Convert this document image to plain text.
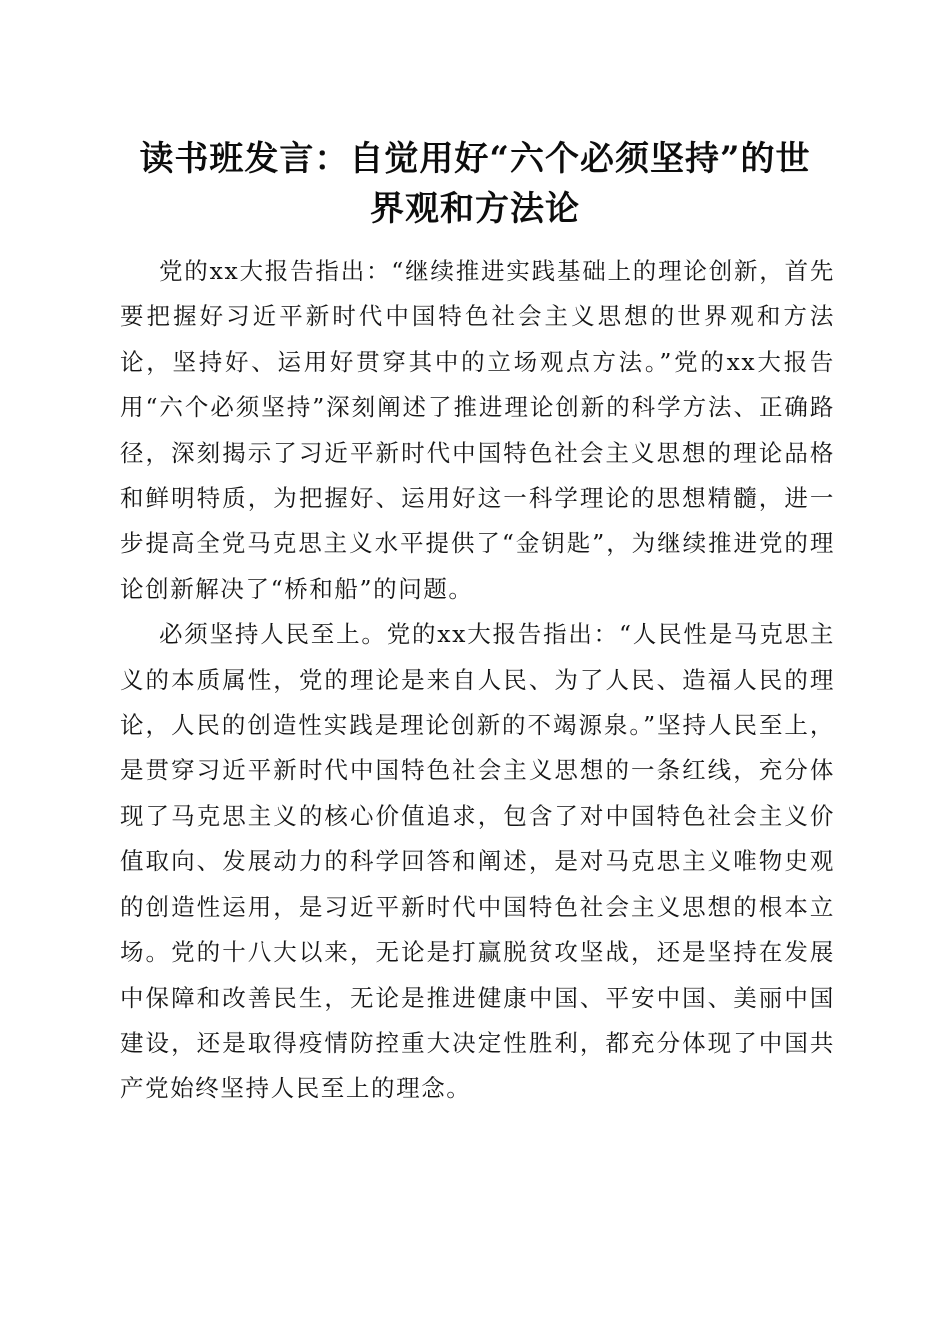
读书班发言：自觉用好“六个必须坚持”的世
界观和方法论

党的xx大报告指出：“继续推进实践基础上的理论创新，首先要把握好习近平新时代中国特色社会主义思想的世界观和方法论，坚持好、运用好贯穿其中的立场观点方法。”党的xx大报告用“六个必须坚持”深刻阐述了推进理论创新的科学方法、正确路径，深刻揭示了习近平新时代中国特色社会主义思想的理论品格和鲜明特质，为把握好、运用好这一科学理论的思想精髓，进一步提高全党马克思主义水平提供了“金钥匙”，为继续推进党的理论创新解决了“桥和船”的问题。

必须坚持人民至上。党的xx大报告指出：“人民性是马克思主义的本质属性，党的理论是来自人民、为了人民、造福人民的理论，人民的创造性实践是理论创新的不竭源泉。”坚持人民至上，是贯穿习近平新时代中国特色社会主义思想的一条红线，充分体现了马克思主义的核心价值追求，包含了对中国特色社会主义价值取向、发展动力的科学回答和阐述，是对马克思主义唯物史观的创造性运用，是习近平新时代中国特色社会主义思想的根本立场。党的十八大以来，无论是打赢脱贫攻坚战，还是坚持在发展中保障和改善民生，无论是推进健康中国、平安中国、美丽中国建设，还是取得疫情防控重大决定性胜利，都充分体现了中国共产党始终坚持人民至上的理念。
